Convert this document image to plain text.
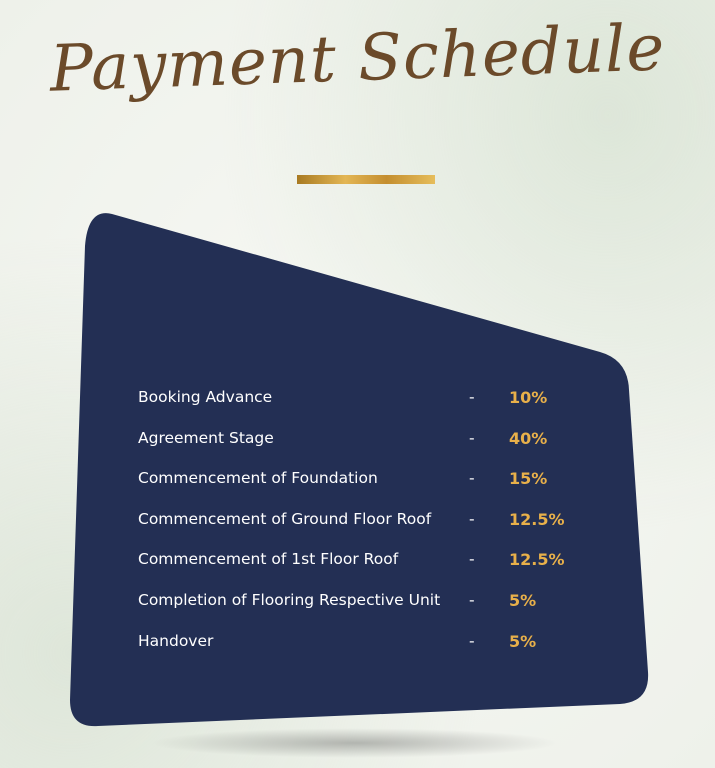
Payment Schedule
Booking Advance	- 10%
Agreement Stage	- 40%
Commencement of Foundation	- 15%
Commencement of Ground Floor Roof - 12.5%
Commencement of 1st Floor Roof	- 12.5%
Completion of Flooring Respective Unit - 5%
Handover	- 5%
